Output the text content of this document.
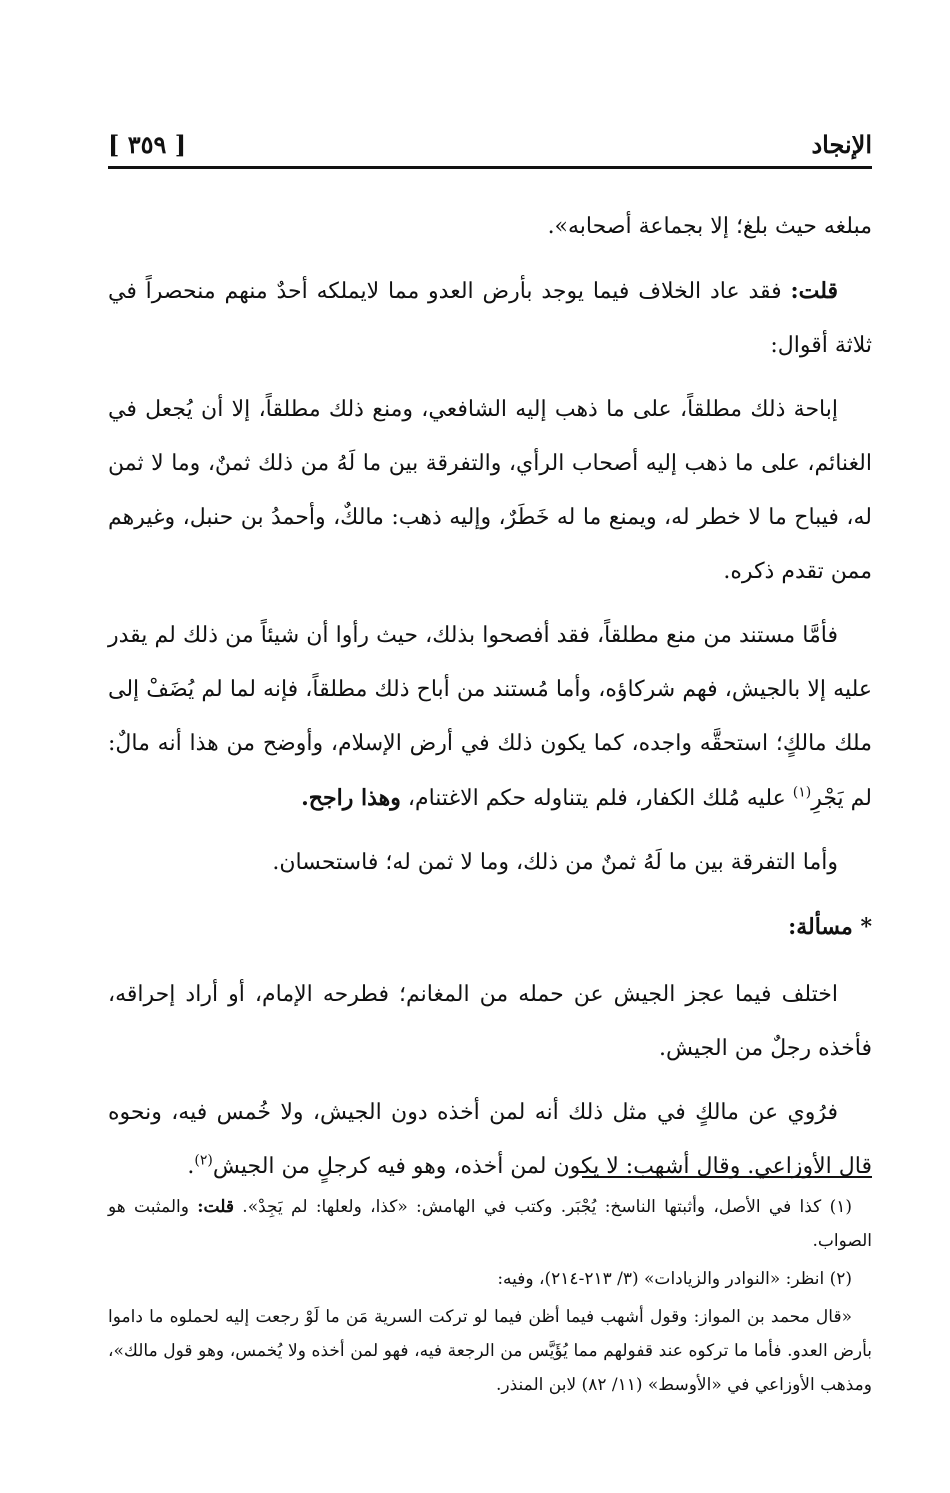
الإنجاد
[ ٣٥٩ ]

مبلغه حيث بلغ؛ إلا بجماعة أصحابه».

قلت: فقد عاد الخلاف فيما يوجد بأرض العدو مما لايملكه أحدٌ منهم منحصراً في ثلاثة أقوال:

إباحة ذلك مطلقاً، على ما ذهب إليه الشافعي، ومنع ذلك مطلقاً، إلا أن يُجعل في الغنائم، على ما ذهب إليه أصحاب الرأي، والتفرقة بين ما لَهُ من ذلك ثمنٌ، وما لا ثمن له، فيباح ما لا خطر له، ويمنع ما له خَطَرٌ، وإليه ذهب: مالكٌ، وأحمدُ بن حنبل، وغيرهم ممن تقدم ذكره.

فأمَّا مستند من منع مطلقاً، فقد أفصحوا بذلك، حيث رأوا أن شيئاً من ذلك لم يقدر عليه إلا بالجيش، فهم شركاؤه، وأما مُستند من أباح ذلك مطلقاً، فإنه لما لم يُضَفْ إلى ملك مالكٍ؛ استحقَّه واجده، كما يكون ذلك في أرض الإسلام، وأوضح من هذا أنه مالٌ: لم يَجْرِ$^{(١)}$ عليه مُلك الكفار، فلم يتناوله حكم الاغتنام، وهذا راجح.

وأما التفرقة بين ما لَهُ ثمنٌ من ذلك، وما لا ثمن له؛ فاستحسان.

* مسألة:

اختلف فيما عجز الجيش عن حمله من المغانم؛ فطرحه الإمام، أو أراد إحراقه، فأخذه رجلٌ من الجيش.

فرُوي عن مالكٍ في مثل ذلك أنه لمن أخذه دون الجيش، ولا خُمس فيه، ونحوه قال الأوزاعي. وقال أشهب: لا يكون لمن أخذه، وهو فيه كرجلٍ من الجيش$^{(٢)}$.

(١) كذا في الأصل، وأثبتها الناسخ: يُجْبَر. وكتب في الهامش: «كذا، ولعلها: لم يَجِدْ». قلت: والمثبت هو الصواب.

(٢) انظر: «النوادر والزيادات» (٣/ ٢١٣-٢١٤)، وفيه:

«قال محمد بن المواز: وقول أشهب فيما أظن فيما لو تركت السرية مَن ما لَوْ رجعت إليه لحملوه ما داموا بأرض العدو. فأما ما تركوه عند قفولهم مما يُؤَيَّس من الرجعة فيه، فهو لمن أخذه ولا يُخمس، وهو قول مالك»، ومذهب الأوزاعي في «الأوسط» (١١/ ٨٢) لابن المنذر.
